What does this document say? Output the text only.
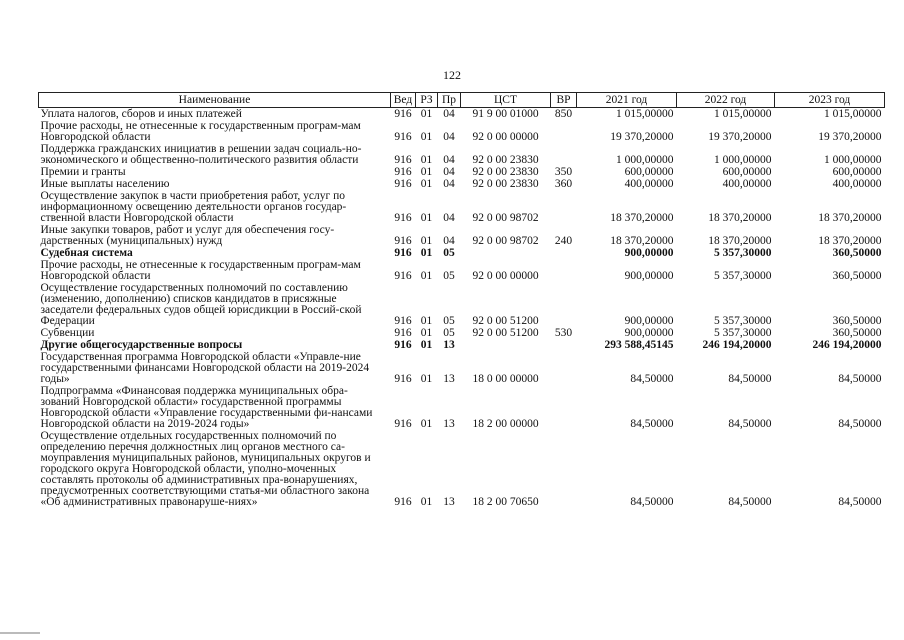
122
Наименование	Вед	РЗ	Пр	ЦСТ	ВР	2021 год	2022 год	2023 год
Уплата налогов, сборов и иных платежей	916	01	04	91 9 00 01000	850	1 015,00000	1 015,00000	1 015,00000
Прочие расходы, не отнесенные к государственным програм-мам Новгородской области	916	01	04	92 0 00 00000		19 370,20000	19 370,20000	19 370,20000
Поддержка гражданских инициатив в решении задач социаль-но-экономического и общественно-политического развития области	916	01	04	92 0 00 23830		1 000,00000	1 000,00000	1 000,00000
Премии и гранты	916	01	04	92 0 00 23830	350	600,00000	600,00000	600,00000
Иные выплаты населению	916	01	04	92 0 00 23830	360	400,00000	400,00000	400,00000
Осуществление закупок в части приобретения работ, услуг по информационному освещению деятельности органов государ-ственной власти Новгородской области	916	01	04	92 0 00 98702		18 370,20000	18 370,20000	18 370,20000
Иные закупки товаров, работ и услуг для обеспечения госу-дарственных (муниципальных) нужд	916	01	04	92 0 00 98702	240	18 370,20000	18 370,20000	18 370,20000
Судебная система	916	01	05			900,00000	5 357,30000	360,50000
Прочие расходы, не отнесенные к государственным програм-мам Новгородской области	916	01	05	92 0 00 00000		900,00000	5 357,30000	360,50000
Осуществление государственных полномочий по составлению (изменению, дополнению) списков кандидатов в присяжные заседатели федеральных судов общей юрисдикции в Россий-ской Федерации	916	01	05	92 0 00 51200		900,00000	5 357,30000	360,50000
Субвенции	916	01	05	92 0 00 51200	530	900,00000	5 357,30000	360,50000
Другие общегосударственные вопросы	916	01	13			293 588,45145	246 194,20000	246 194,20000
Государственная программа Новгородской области «Управле-ние государственными финансами Новгородской области на 2019-2024 годы»	916	01	13	18 0 00 00000		84,50000	84,50000	84,50000
Подпрограмма «Финансовая поддержка муниципальных обра-зований Новгородской области» государственной программы Новгородской области «Управление государственными фи-нансами Новгородской области на 2019-2024 годы»	916	01	13	18 2 00 00000		84,50000	84,50000	84,50000
Осуществление отдельных государственных полномочий по определению перечня должностных лиц органов местного са-моуправления муниципальных районов, муниципальных округов и городского округа Новгородской области, уполно-моченных составлять протоколы об административных пра-вонарушениях, предусмотренных соответствующими статья-ми областного закона «Об административных правонаруше-ниях»	916	01	13	18 2 00 70650		84,50000	84,50000	84,50000
